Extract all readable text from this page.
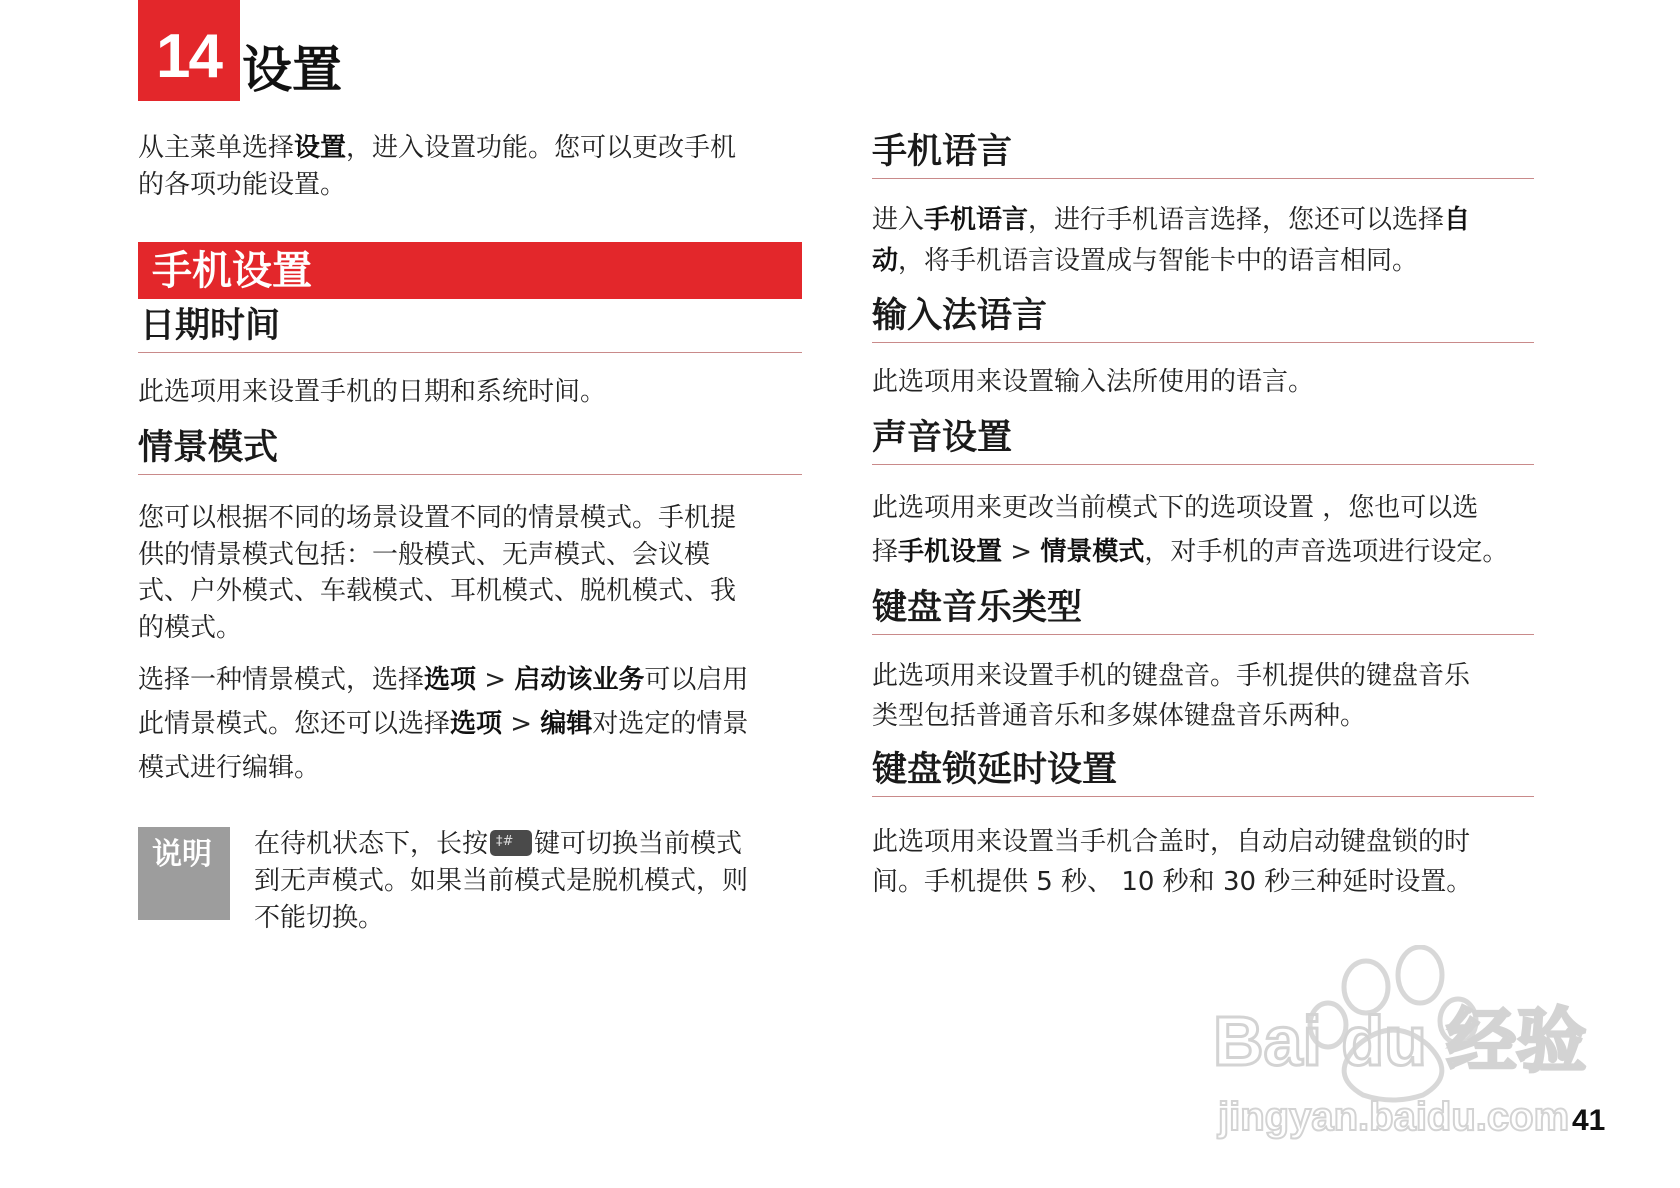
14 设置
从主菜单选择设置，进入设置功能。您可以更改手机
的各项功能设置。
手机设置
日期时间
此选项用来设置手机的日期和系统时间。
情景模式
您可以根据不同的场景设置不同的情景模式。手机提
供的情景模式包括：一般模式、无声模式、会议模
式、户外模式、车载模式、耳机模式、脱机模式、我
的模式。
选择一种情景模式，选择选项 > 启动该业务可以启用
此情景模式。您还可以选择选项 > 编辑对选定的情景
模式进行编辑。
说明 在待机状态下，长按‡# 键可切换当前模式
到无声模式。如果当前模式是脱机模式，则
不能切换。
手机语言
进入手机语言，进行手机语言选择，您还可以选择自
动，将手机语言设置成与智能卡中的语言相同。
输入法语言
此选项用来设置输入法所使用的语言。
声音设置
此选项用来更改当前模式下的选项设置 ，您也可以选
择手机设置 > 情景模式，对手机的声音选项进行设定。
键盘音乐类型
此选项用来设置手机的键盘音。手机提供的键盘音乐
类型包括普通音乐和多媒体键盘音乐两种。
键盘锁延时设置
此选项用来设置当手机合盖时，自动启动键盘锁的时
间。手机提供 5 秒、 10 秒和 30 秒三种延时设置。
Bai du 经验
jingyan.baidu.com 41
